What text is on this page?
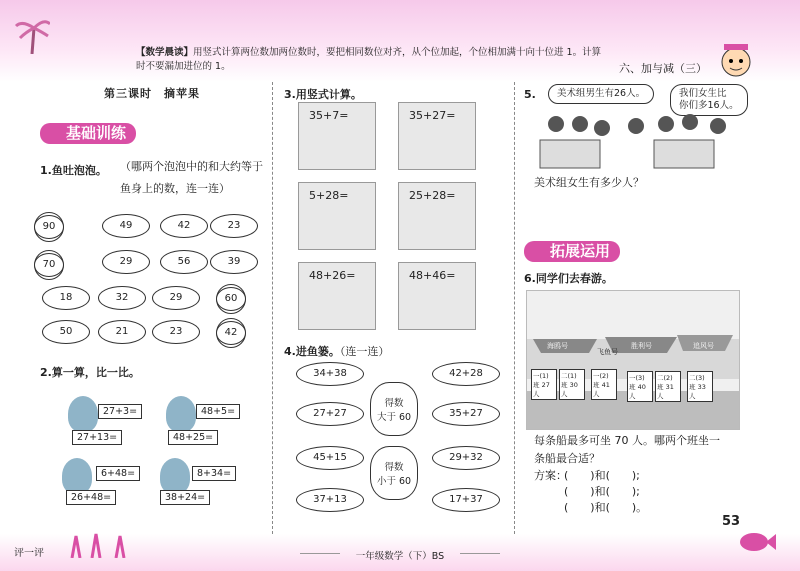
【数学晨读】用竖式计算两位数加两位数时，要把相同数位对齐，从个位加起，个位相加满十向十位进 1。计算时不要漏加进位的 1。	六、加与减（三）
第三课时　摘苹果
基础训练
1.鱼吐泡泡。 （哪两个泡泡中的和大约等于鱼身上的数，连一连）
90	49	42	23
70	29	56	39
18	32	29	60
50	21	23	42
2.算一算，比一比。
27+3=
27+13=
48+5=
48+25=
6+48=
26+48=
8+34=
38+24=
3.用竖式计算。
35+7=	35+27=
5+28=	25+28=
48+26=	48+46=
4.进鱼篓。（连一连）
34+38
27+27
45+15
37+13
42+28
35+27
29+32
17+37
得数
大于 60
得数
小于 60
5.	美术组男生有26人。	我们女生比
你们多16人。
美术组女生有多少人？
拓展运用
6.同学们去春游。
海鸥号
飞鱼号
胜利号	追风号
一(1)班 27人
二(1)班 30人
一(2)班 41人
一(3)班 40人
二(2)班 31人
二(3)班 33人
每条船最多可坐 70 人。哪两个班坐一条船最合适？
方案：
(　　)和(　　);
(　　)和(　　);
(　　)和(　　)。
评一评	一年级数学（下）BS
53
